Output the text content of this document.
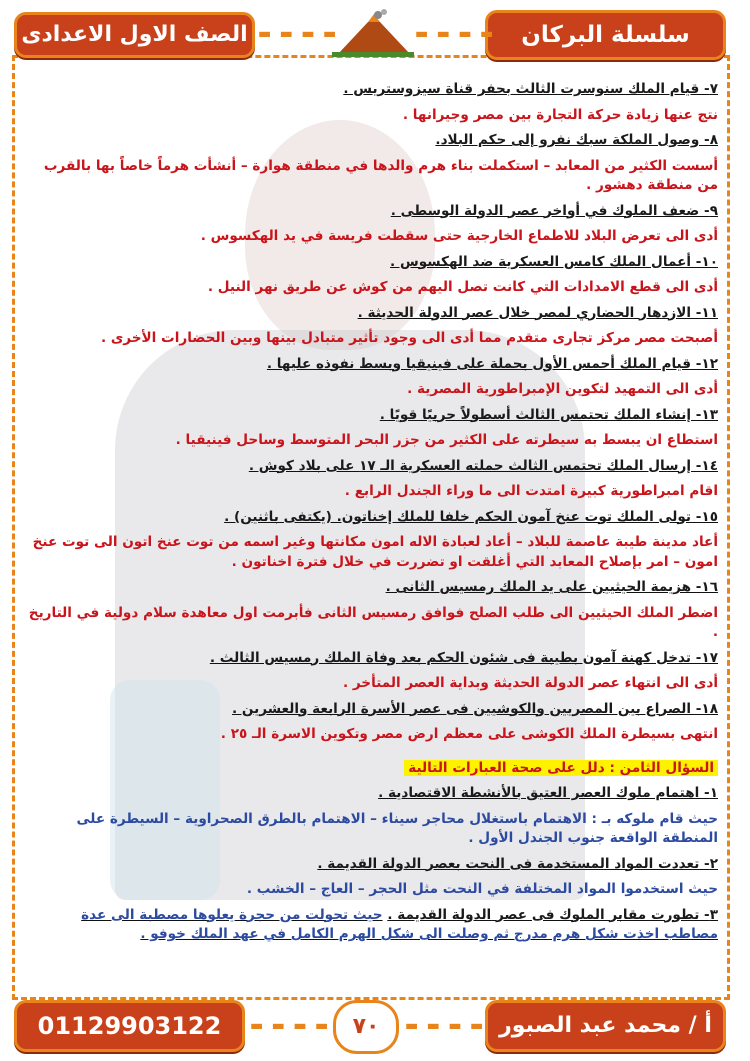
سلسلة البركان
▬ ▬ ▬ ▬
▬ ▬ ▬ ▬
الصف الاول الاعدادى

٧- قيام الملك سنوسرت الثالث بحفر قناة سيزوستريس .

نتج عنها زيادة حركة التجارة بين مصر وجيرانها .

٨- وصول الملكة سبك نفرو إلى حكم البلاد.

أسست الكثير من المعابد – استكملت بناء هرم والدها في منطقة هوارة – أنشأت هرماً خاصاً بها بالقرب من منطقة دهشور .

٩- ضعف الملوك في أواخر عصر الدولة الوسطى .

أدى الى تعرض البلاد للاطماع الخارجية حتى سقطت فريسة في يد الهكسوس .

١٠- أعمال الملك كامس العسكرية ضد الهكسوس .

أدى الى قطع الامدادات التي كانت تصل اليهم من كوش عن طريق نهر النيل .

١١- الازدهار الحضاري لمصر خلال عصر الدولة الحديثة .

أصبحت مصر مركز تجارى متقدم مما أدى الى وجود تأثير متبادل بينها وبين الحضارات الأخرى .

١٢- قيام الملك أحمس الأول بحملة على فينيقيا وبسط نفوذه عليها .

أدى الى التمهيد لتكوين الإمبراطورية المصرية .

١٣- إنشاء الملك تحتمس الثالث أسطولاً حربيًا قويًا .

استطاع ان يبسط به سيطرته على الكثير من جزر البحر المتوسط وساحل فينيقيا .

١٤- إرسال الملك تحتمس الثالث حملته العسكرية الـ ١٧ على بلاد كوش .

اقام امبراطورية كبيرة امتدت الى ما وراء الجندل الرابع .

١٥- تولى الملك توت عنخ آمون الحكم خلفا للملك إخناتون. (يكتفى باثنين) .

أعاد مدينة طيبة عاصمة للبلاد – أعاد لعبادة الاله امون مكانتها وغير اسمه من توت عنخ اتون الى توت عنخ امون – امر بإصلاح المعابد التي أغلقت او تضررت في خلال فترة اخناتون .

١٦- هزيمة الحيثيين على يد الملك رمسيس الثانى .

اضطر الملك الحيثيين الى طلب الصلح فوافق رمسيس الثانى فأبرمت اول معاهدة سلام دولية في التاريخ .

١٧- تدخل كهنة آمون بطيبة فى شئون الحكم بعد وفاة الملك رمسيس الثالث .

أدى الى انتهاء عصر الدولة الحديثة وبداية العصر المتأخر .

١٨- الصراع بين المصريين والكوشيين فى عصر الأسرة الرابعة والعشرين .

انتهى بسيطرة الملك الكوشى على معظم ارض مصر وتكوين الاسرة الـ ٢٥ .

السؤال الثامن : دلل على صحة العبارات التالية

١- اهتمام ملوك العصر العتيق بالأنشطة الاقتصادية .

حيث قام ملوكه بـ : الاهتمام باستغلال محاجر سيناء – الاهتمام بالطرق الصحراوية – السيطرة على المنطقة الواقعة جنوب الجندل الأول .

٢- تعددت المواد المستخدمة فى النحت بعصر الدولة القديمة .

حيث استخدموا المواد المختلفة في النحت مثل الحجر – العاج – الخشب .

٣- تطورت مقابر الملوك فى عصر الدولة القديمة . حيث تحولت من حجرة يعلوها مصطبة الى عدة مصاطب اخذت شكل هرم مدرج ثم وصلت الى شكل الهرم الكامل في عهد الملك خوفو .

01129903122	▬ ▬ ▬ ▬	٧٠	▬ ▬ ▬ ▬ أ / محمد عبد الصبور
